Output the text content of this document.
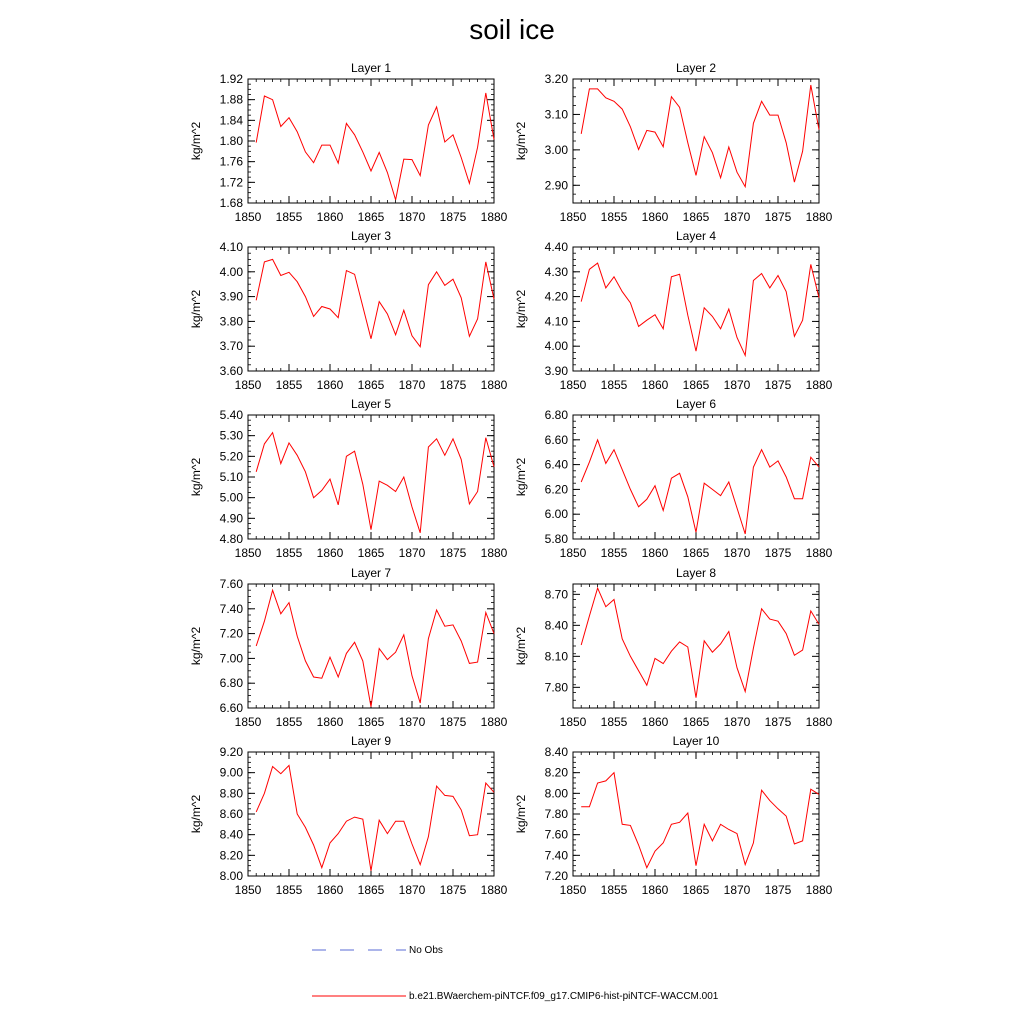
soil ice
Layer 1
kg/m^2
1850 1855 1860 1865 1870 1875 1880
1.68
1.72
1.76
1.80
1.84
1.88
1.92
Layer 2
kg/m^2
1850 1855 1860 1865 1870 1875 1880
2.90
3.00
3.10
3.20
Layer 3
kg/m^2
1850 1855 1860 1865 1870 1875 1880
3.60
3.70
3.80
3.90
4.00
4.10
Layer 4
kg/m^2
1850 1855 1860 1865 1870 1875 1880
3.90
4.00
4.10
4.20
4.30
4.40
Layer 5
kg/m^2
1850 1855 1860 1865 1870 1875 1880
4.80
4.90
5.00
5.10
5.20
5.30
5.40
Layer 6
kg/m^2
1850 1855 1860 1865 1870 1875 1880
5.80
6.00
6.20
6.40
6.60
6.80
Layer 7
kg/m^2
1850 1855 1860 1865 1870 1875 1880
6.60
6.80
7.00
7.20
7.40
7.60
Layer 8
kg/m^2
1850 1855 1860 1865 1870 1875 1880
7.80
8.10
8.40
8.70
Layer 9
kg/m^2
1850 1855 1860 1865 1870 1875 1880
8.00
8.20
8.40
8.60
8.80
9.00
9.20
Layer 10
kg/m^2
1850 1855 1860 1865 1870 1875 1880
7.20
7.40
7.60
7.80
8.00
8.20
8.40
No Obs
b.e21.BWaerchem-piNTCF.f09_g17.CMIP6-hist-piNTCF-WACCM.001
